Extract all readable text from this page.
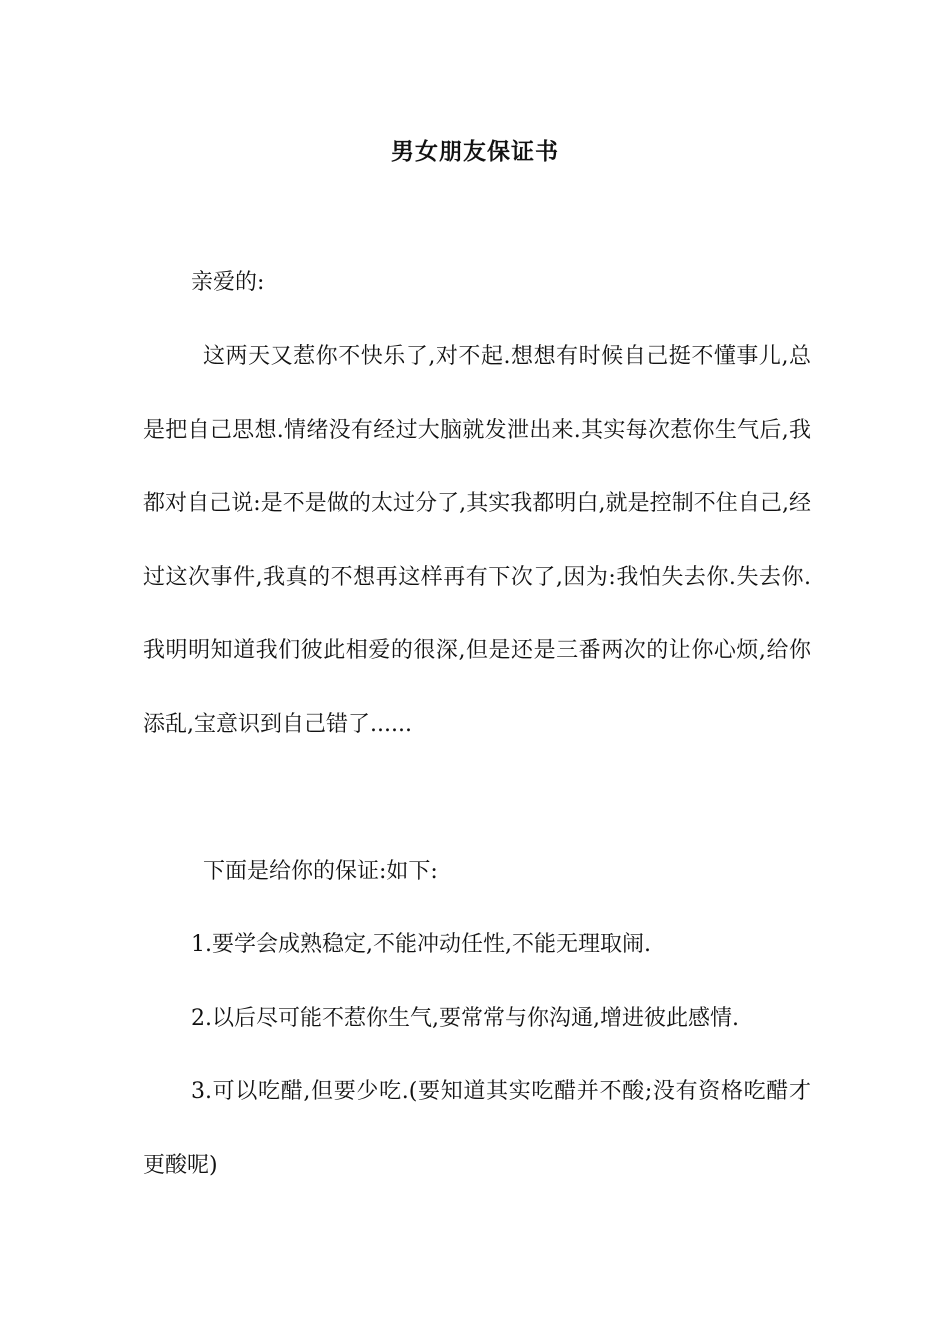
男女朋友保证书
亲爱的:
这两天又惹你不快乐了,对不起.想想有时候自己挺不懂事儿,总是把自己思想.情绪没有经过大脑就发泄出来.其实每次惹你生气后,我都对自己说:是不是做的太过分了,其实我都明白,就是控制不住自己,经过这次事件,我真的不想再这样再有下次了,因为:我怕失去你.失去你.我明明知道我们彼此相爱的很深,但是还是三番两次的让你心烦,给你添乱,宝意识到自己错了......
下面是给你的保证:如下:

1.要学会成熟稳定,不能冲动任性,不能无理取闹.

2.以后尽可能不惹你生气,要常常与你沟通,增进彼此感情.

3.可以吃醋,但要少吃.(要知道其实吃醋并不酸;没有资格吃醋才更酸呢)
